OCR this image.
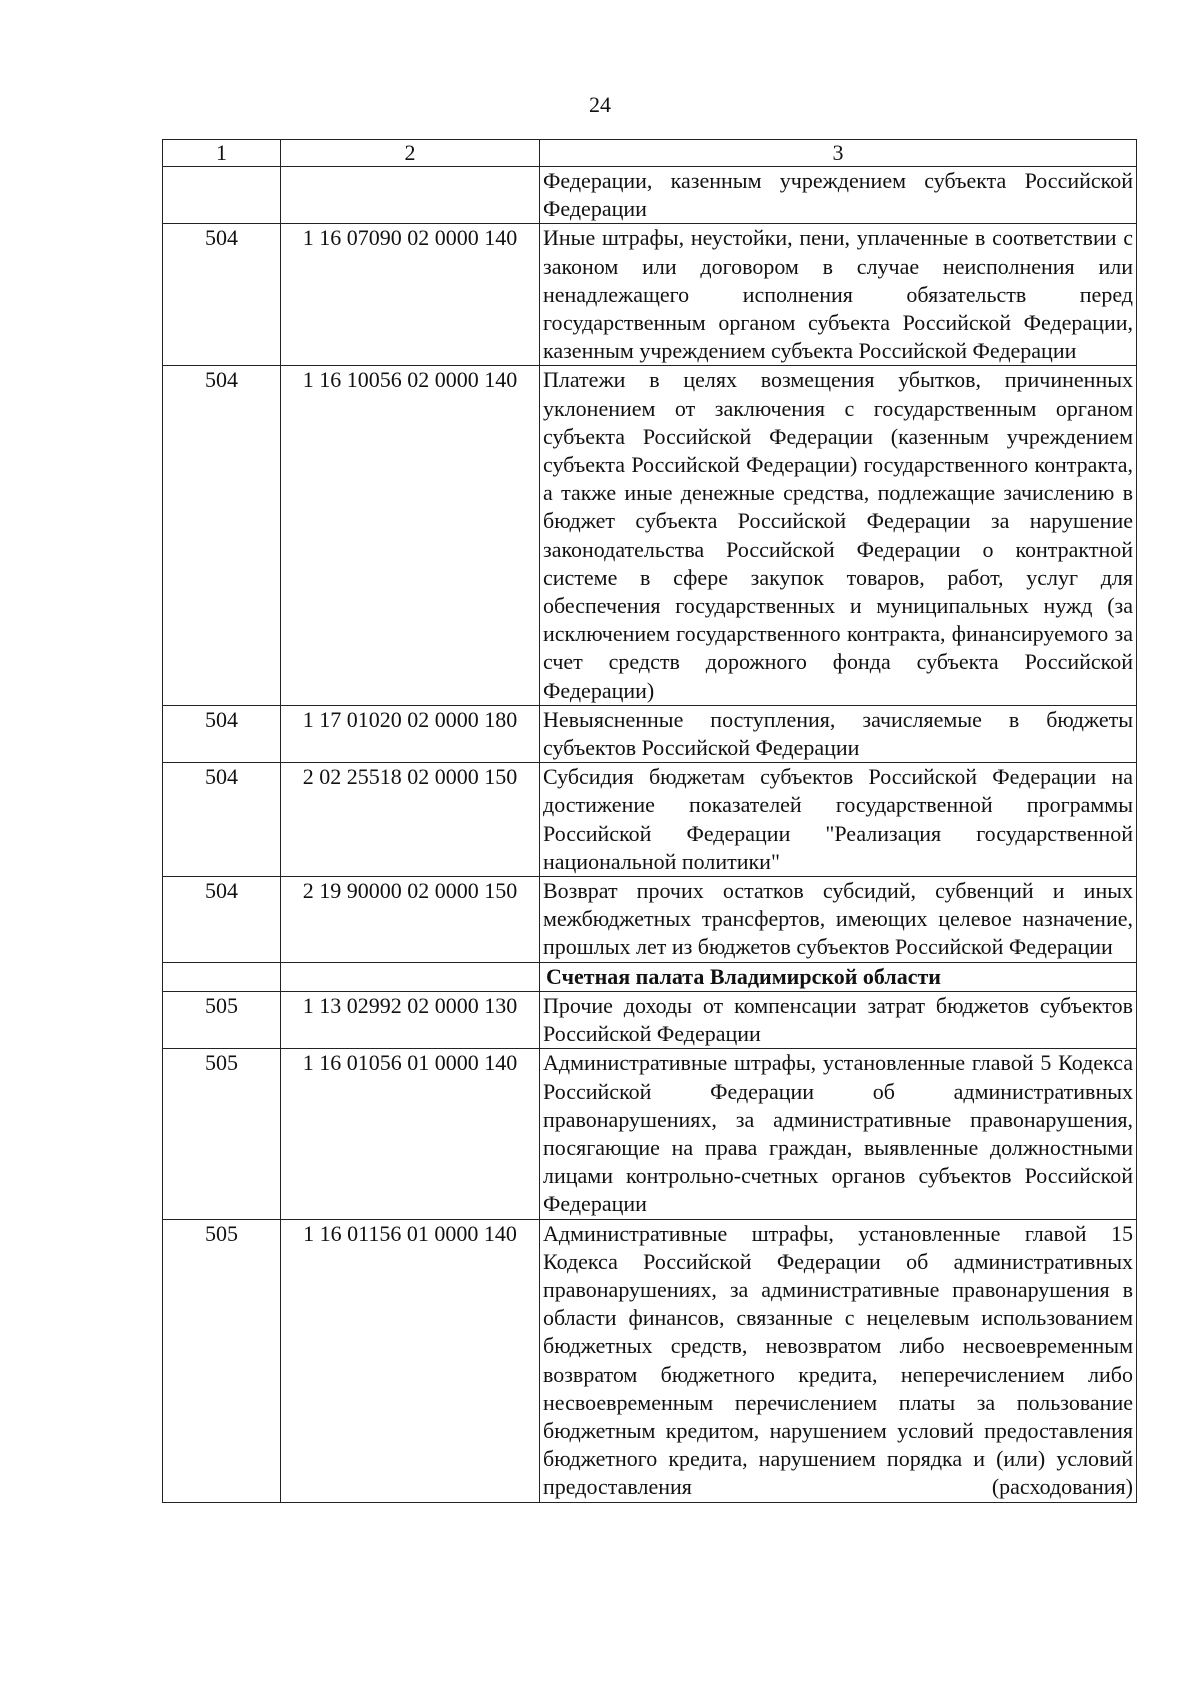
24
1	2	3
		Федерации, казенным учреждением субъекта Российской Федерации
504	1 16 07090 02 0000 140	Иные штрафы, неустойки, пени, уплаченные в соответствии с законом или договором в случае неисполнения или ненадлежащего исполнения обязательств перед государственным органом субъекта Российской Федерации, казенным учреждением субъекта Российской Федерации
504	1 16 10056 02 0000 140	Платежи в целях возмещения убытков, причиненных уклонением от заключения с государственным органом субъекта Российской Федерации (казенным учреждением субъекта Российской Федерации) государственного контракта, а также иные денежные средства, подлежащие зачислению в бюджет субъекта Российской Федерации за нарушение законодательства Российской Федерации о контрактной системе в сфере закупок товаров, работ, услуг для обеспечения государственных и муниципальных нужд (за исключением государственного контракта, финансируемого за счет средств дорожного фонда субъекта Российской Федерации)
504	1 17 01020 02 0000 180	Невыясненные поступления, зачисляемые в бюджеты субъектов Российской Федерации
504	2 02 25518 02 0000 150	Субсидия бюджетам субъектов Российской Федерации на достижение показателей государственной программы Российской Федерации "Реализация государственной национальной политики"
504	2 19 90000 02 0000 150	Возврат прочих остатков субсидий, субвенций и иных межбюджетных трансфертов, имеющих целевое назначение, прошлых лет из бюджетов субъектов Российской Федерации
		Счетная палата Владимирской области
505	1 13 02992 02 0000 130	Прочие доходы от компенсации затрат бюджетов субъектов Российской Федерации
505	1 16 01056 01 0000 140	Административные штрафы, установленные главой 5 Кодекса Российской Федерации об административных правонарушениях, за административные правонарушения, посягающие на права граждан, выявленные должностными лицами контрольно-счетных органов субъектов Российской Федерации
505	1 16 01156 01 0000 140	Административные штрафы, установленные главой 15 Кодекса Российской Федерации об административных правонарушениях, за административные правонарушения в области финансов, связанные с нецелевым использованием бюджетных средств, невозвратом либо несвоевременным возвратом бюджетного кредита, неперечислением либо несвоевременным перечислением платы за пользование бюджетным кредитом, нарушением условий предоставления бюджетного кредита, нарушением порядка и (или) условий предоставления (расходования)
